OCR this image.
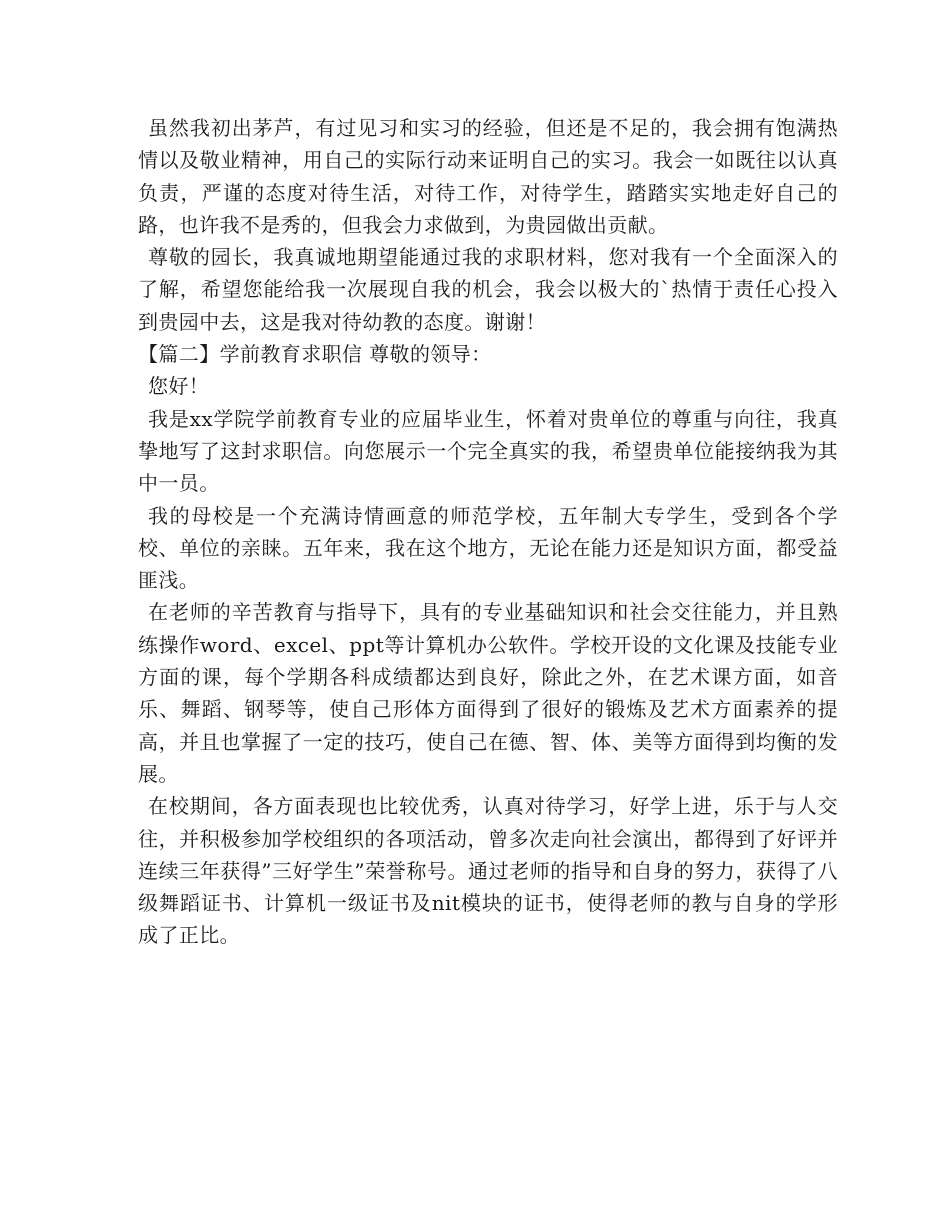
虽然我初出茅芦，有过见习和实习的经验，但还是不足的，我会拥有饱满热情以及敬业精神，用自己的实际行动来证明自己的实习。我会一如既往以认真负责，严谨的态度对待生活，对待工作，对待学生，踏踏实实地走好自己的路，也许我不是秀的，但我会力求做到，为贵园做出贡献。

尊敬的园长，我真诚地期望能通过我的求职材料，您对我有一个全面深入的了解，希望您能给我一次展现自我的机会，我会以极大的`热情于责任心投入到贵园中去，这是我对待幼教的态度。谢谢！

【篇二】学前教育求职信 尊敬的领导：

您好！

我是xx学院学前教育专业的应届毕业生，怀着对贵单位的尊重与向往，我真挚地写了这封求职信。向您展示一个完全真实的我，希望贵单位能接纳我为其中一员。

我的母校是一个充满诗情画意的师范学校，五年制大专学生，受到各个学校、单位的亲睐。五年来，我在这个地方，无论在能力还是知识方面，都受益匪浅。

在老师的辛苦教育与指导下，具有的专业基础知识和社会交往能力，并且熟练操作word、excel、ppt等计算机办公软件。学校开设的文化课及技能专业方面的课，每个学期各科成绩都达到良好，除此之外，在艺术课方面，如音乐、舞蹈、钢琴等，使自己形体方面得到了很好的锻炼及艺术方面素养的提高，并且也掌握了一定的技巧，使自己在德、智、体、美等方面得到均衡的发展。

在校期间，各方面表现也比较优秀，认真对待学习，好学上进，乐于与人交往，并积极参加学校组织的各项活动，曾多次走向社会演出，都得到了好评并连续三年获得”三好学生”荣誉称号。通过老师的指导和自身的努力，获得了八级舞蹈证书、计算机一级证书及nit模块的证书，使得老师的教与自身的学形成了正比。
